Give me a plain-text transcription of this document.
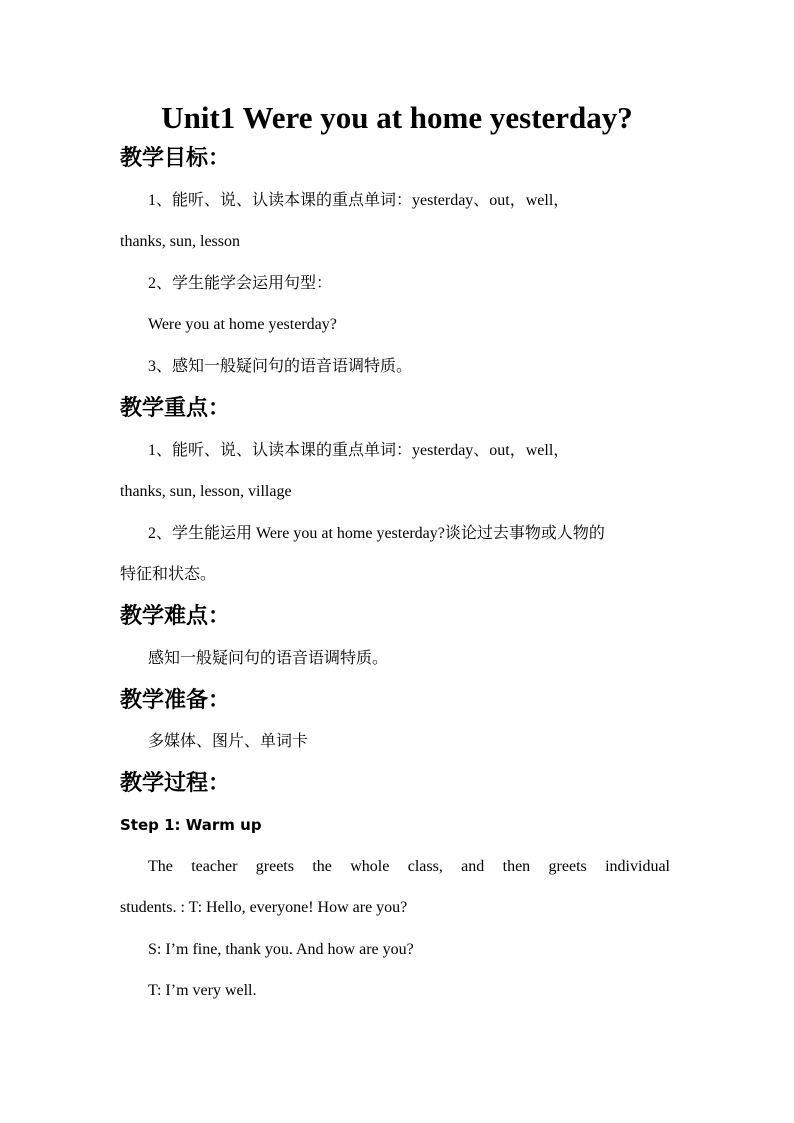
Unit1 Were you at home yesterday?
教学目标：
1、能听、说、认读本课的重点单词：yesterday、out，well，
thanks, sun, lesson
2、学生能学会运用句型：
Were you at home yesterday?
3、感知一般疑问句的语音语调特质。
教学重点：
1、能听、说、认读本课的重点单词：yesterday、out，well，
thanks, sun, lesson, village
2、学生能运用 Were you at home yesterday?谈论过去事物或人物的
特征和状态。
教学难点：
感知一般疑问句的语音语调特质。
教学准备：
多媒体、图片、单词卡
教学过程：
Step 1: Warm up
The teacher greets the whole class, and then greets individual
students. : T: Hello, everyone! How are you?
S: I’m fine, thank you. And how are you?
T: I’m very well.
